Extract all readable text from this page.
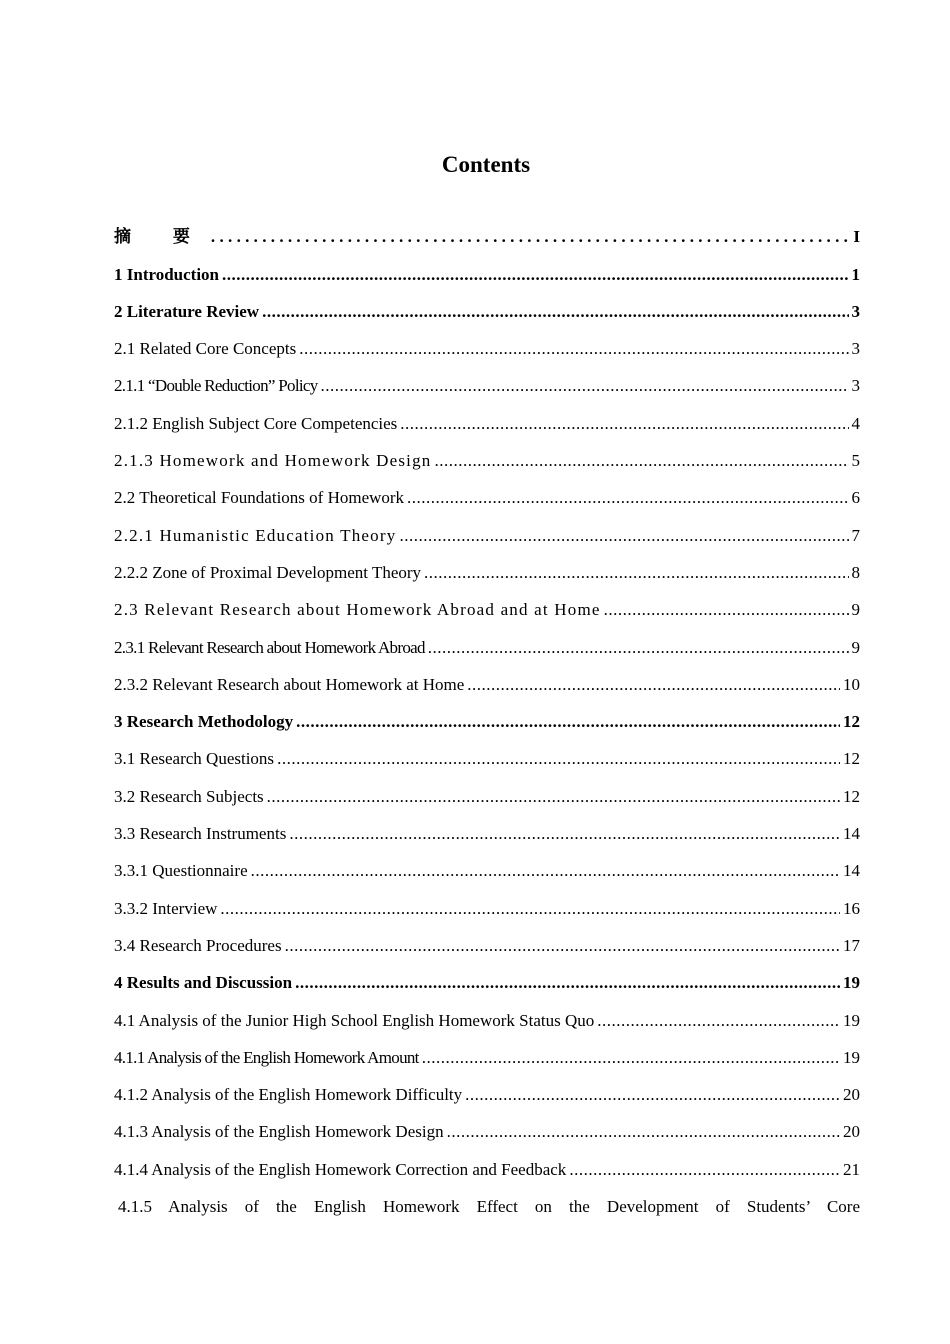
Contents
摘 要 .....	I
1 Introduction .....	1
2 Literature Review .....	3
2.1 Related Core Concepts .....	3
2.1.1 “Double Reduction” Policy .....	3
2.1.2 English Subject Core Competencies .....	4
2.1.3 Homework and Homework Design .....	5
2.2 Theoretical Foundations of Homework .....	6
2.2.1 Humanistic Education Theory .....	7
2.2.2 Zone of Proximal Development Theory .....	8
2.3 Relevant Research about Homework Abroad and at Home .....	9
2.3.1 Relevant Research about Homework Abroad .....	9
2.3.2 Relevant Research about Homework at Home .....	10
3 Research Methodology .....	12
3.1 Research Questions .....	12
3.2 Research Subjects .....	12
3.3 Research Instruments .....	14
3.3.1 Questionnaire .....	14
3.3.2 Interview .....	16
3.4 Research Procedures .....	17
4 Results and Discussion .....	19
4.1 Analysis of the Junior High School English Homework Status Quo .....	19
4.1.1 Analysis of the English Homework Amount .....	19
4.1.2 Analysis of the English Homework Difficulty .....	20
4.1.3 Analysis of the English Homework Design .....	20
4.1.4 Analysis of the English Homework Correction and Feedback .....	21
4.1.5 Analysis of the English Homework Effect on the Development of Students’ Core
